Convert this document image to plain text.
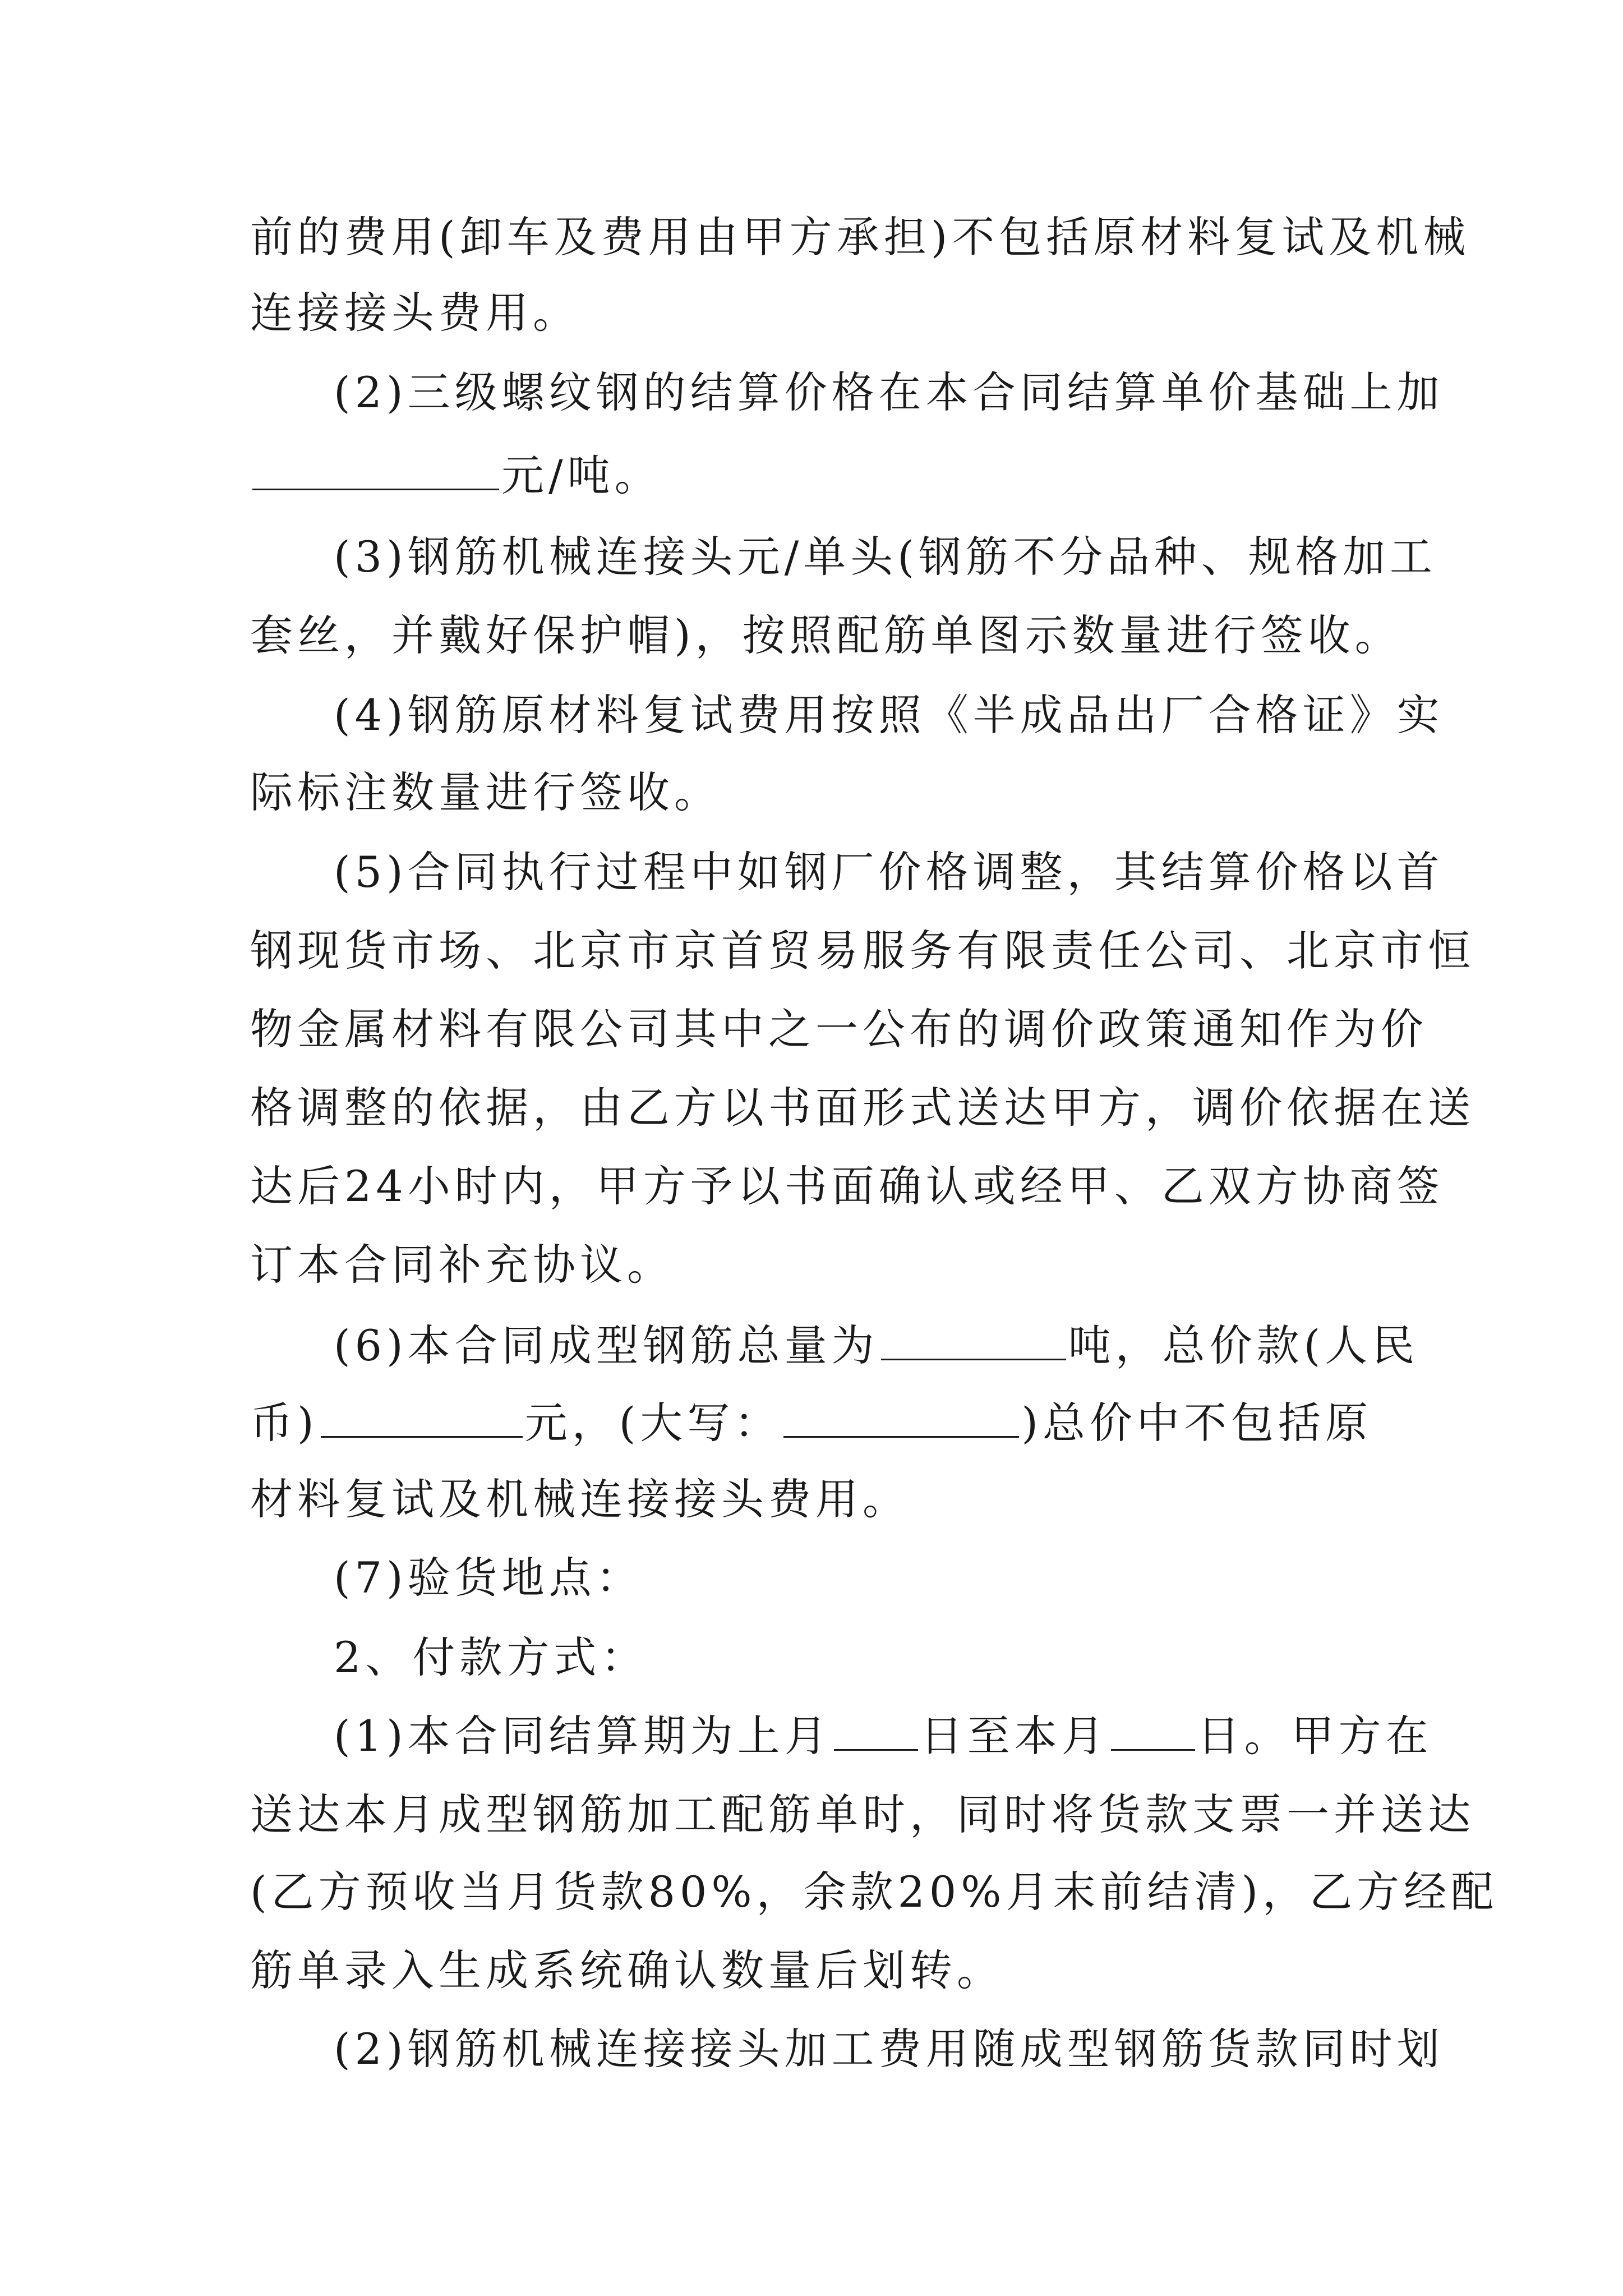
前的费用(卸车及费用由甲方承担)不包括原材料复试及机械
连接接头费用。
(2)三级螺纹钢的结算价格在本合同结算单价基础上加
元/吨。
(3)钢筋机械连接头元/单头(钢筋不分品种、规格加工
套丝，并戴好保护帽)，按照配筋单图示数量进行签收。
(4)钢筋原材料复试费用按照《半成品出厂合格证》实
际标注数量进行签收。
(5)合同执行过程中如钢厂价格调整，其结算价格以首
钢现货市场、北京市京首贸易服务有限责任公司、北京市恒
物金属材料有限公司其中之一公布的调价政策通知作为价
格调整的依据，由乙方以书面形式送达甲方，调价依据在送
达后24小时内，甲方予以书面确认或经甲、乙双方协商签
订本合同补充协议。
(6)本合同成型钢筋总量为	吨，总价款(人民
币)	元，(大写：	)总价中不包括原
材料复试及机械连接接头费用。
(7)验货地点：
2、付款方式：
(1)本合同结算期为上月 日至本月 日。甲方在
送达本月成型钢筋加工配筋单时，同时将货款支票一并送达
(乙方预收当月货款80%，余款20%月末前结清)，乙方经配
筋单录入生成系统确认数量后划转。
(2)钢筋机械连接接头加工费用随成型钢筋货款同时划
